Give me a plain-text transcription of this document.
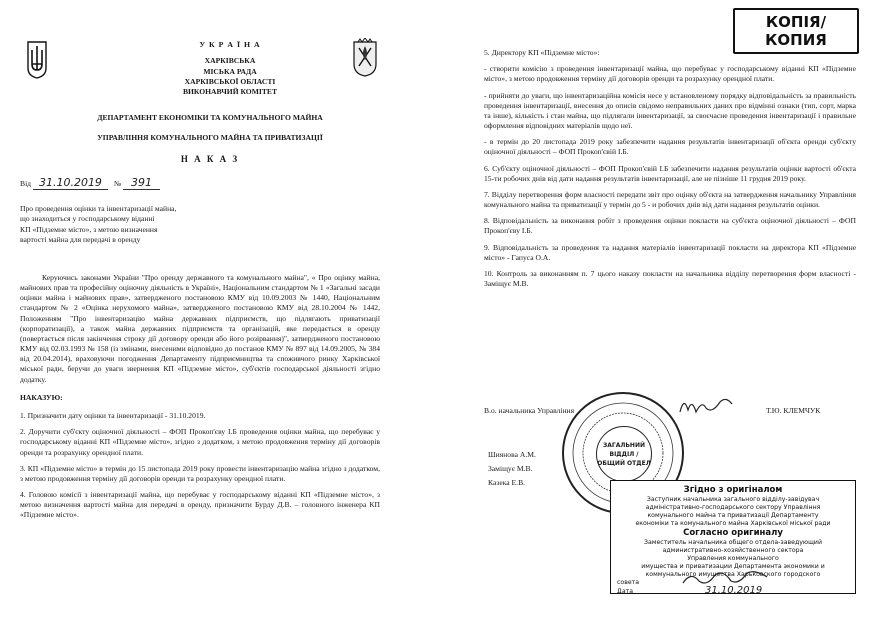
КОПІЯ/
КОПИЯ
У К Р А Ї Н А
ХАРКІВСЬКА
МІСЬКА РАДА
ХАРКІВСЬКОЇ ОБЛАСТІ
ВИКОНАВЧИЙ КОМІТЕТ
ДЕПАРТАМЕНТ ЕКОНОМІКИ ТА КОМУНАЛЬНОГО МАЙНА
УПРАВЛІННЯ КОМУНАЛЬНОГО МАЙНА ТА ПРИВАТИЗАЦІЇ
Н А К А З
Від 31.10.2019 № 391
Про проведення оцінки та інвентаризації майна,
що знаходиться у господарському віданні
КП «Підземне місто», з метою визначення
вартості майна для передачі в оренду

Керуючись законами України "Про оренду державного та комунального майна", « Про оцінку майна, майнових прав та професійну оціночну діяльність в Україні», Національним стандартом № 1 «Загальні засади оцінки майна і майнових прав», затвердженого постановою КМУ від 10.09.2003 № 1440, Національним стандартом № 2 «Оцінка нерухомого майна», затвердженого постановою КМУ від 28.10.2004 № 1442, Положенням "Про інвентаризацію майна державних підприємств, що підлягають приватизації (корпоратизації), а також майна державних підприємств та організацій, яке передається в оренду (повертається після закінчення строку дії договору оренди або його розірвання)", затвердженого постановою КМУ від 02.03.1993 № 158 (із змінами, внесеними відповідно до постанов КМУ № 897 від 14.09.2005, № 384 від 20.04.2014), враховуючи погодження Департаменту підприємництва та споживчого ринку Харківської міської ради, беручи до уваги звернення КП «Підземне місто», суб'єктів господарської діяльності згідно додатку.

НАКАЗУЮ:

1. Призначити дату оцінки та інвентаризації - 31.10.2019.

2. Доручити суб'єкту оціночної діяльності – ФОП Прокоп'єву І.Б проведення оцінки майна, що перебуває у господарському віданні КП «Підземне місто», згідно з додатком, з метою продовження терміну дії договорів оренди та розрахунку орендної плати.

3. КП «Підземне місто» в термін до 15 листопада 2019 року провести інвентаризацію майна згідно з додатком, з метою продовження терміну дії договорів оренди та розрахунку орендної плати.

4. Головою комісії з інвентаризації майна, що перебуває у господарському віданні КП «Підземне місто», з метою визначення вартості майна для передачі в оренду, призначити Бурду Д.В. – головного інженера КП «Підземне місто».

5. Директору КП «Підземне місто»:

- створити комісію з проведення інвентаризації майна, що перебуває у господарському віданні КП «Підземне місто», з метою продовження терміну дії договорів оренди та розрахунку орендної плати.

- прийняти до уваги, що інвентаризаційна комісія несе у встановленому порядку відповідальність за правильність проведення інвентаризації, внесення до описів свідомо неправильних даних про відмінні ознаки (тип, сорт, марка та інше), кількість і стан майна, що підлягали інвентаризації, за своєчасне проведення інвентаризації і правильне оформлення відповідних матеріалів щодо неї.

- в термін до 20 листопада 2019 року забезпечити надання результатів інвентаризації об'єкта оренди суб'єкту оціночної діяльності – ФОП Прокоп'євій І.Б.

6. Суб'єкту оціночної діяльності – ФОП Прокоп'євій І.Б забезпечити надання результатів оцінки вартості об'єкта 15-ти робочих днів від дати надання результатів інвентаризації, але не пізніше 11 грудня 2019 року.

7. Відділу перетворення форм власності передати звіт про оцінку об'єкта на затвердження начальнику Управління комунального майна та приватизації у термін до 5 - и робочих днів від дати надання результатів оцінки.

8. Відповідальність за виконання робіт з проведення оцінки покласти на суб'єкта оціночної діяльності – ФОП Прокоп'єву І.Б.

9. Відповідальність за проведення та надання матеріалів інвентаризації покласти на директора КП «Підземне місто» - Гапуса О.А.

10. Контроль за виконанням п. 7 цього наказу покласти на начальника відділу перетворення форм власності - Заміщує М.В.

В.о. начальника Управління	Т.Ю. КЛЕМЧУК
Шиянова А.М.
Заміщує М.В.
Казека Е.В.
ЗАГАЛЬНИЙ
ВІДДІЛ /
ОБЩИЙ ОТДЕЛ
Згідно з оригіналом
Заступник начальника загального відділу-завідувач
адміністративно-господарського сектору Управління
комунального майна та приватизації Департаменту
економіки та комунального майна Харківської міської ради
Согласно оригиналу
Заместитель начальника общего отдела-заведующий
административно-хозяйственного сектора
Управления коммунального
имущества и приватизации Департамента экономики и
коммунального имущества Харьковского городского
совета
Дата	31.10.2019
